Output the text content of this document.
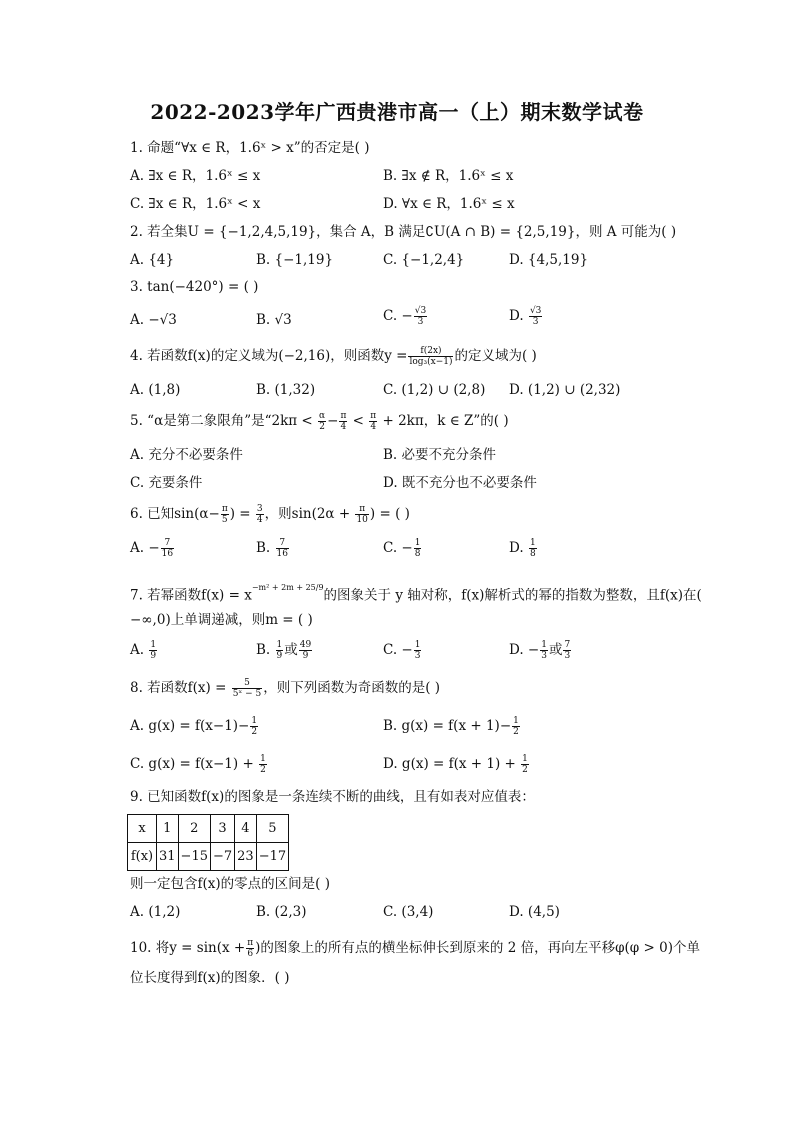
2022-2023学年广西贵港市高一（上）期末数学试卷
1. 命题“∀x ∈ R，1.6ˣ > x”的否定是( )
A. ∃x ∈ R，1.6ˣ ≤ x	B. ∃x ∉ R，1.6ˣ ≤ x
C. ∃x ∈ R，1.6ˣ < x	D. ∀x ∈ R，1.6ˣ ≤ x
2. 若全集U = {−1,2,4,5,19}，集合 A，B 满足∁U(A ∩ B) = {2,5,19}，则 A 可能为( )
A. {4}	B. {−1,19}	C. {−1,2,4}	D. {4,5,19}
3. tan(−420°) = ( )
A. −√3	B. √3	C. − $\frac{√3}{3}$	D. $\frac{√3}{3}$
4. 若函数f(x)的定义域为(−2,16)，则函数$y = \frac{f(2x)}{\text{log₃(x−1)}}$ 的定义域为( )
A. (1,8)	B. (1,32)	C. (1,2) ∪ (2,8) D. (1,2) ∪ (2,32)
5. “α是第二象限角”是“$2k\pi < \frac{\alpha}{2} - \frac{\pi}{4} < \frac{\pi}{4} + 2k\pi$，k ∈ Z”的( )
A. 充分不必要条件	B. 必要不充分条件
C. 充要条件	D. 既不充分也不必要条件
6. 已知$\sin(\alpha- \frac{\pi}{5}$ ) = $\frac{3}{4}$ ，则$\sin(2\alpha + \frac{\pi}{10}$ ) = ( )
A. − $\frac{7}{16}$	B. $\frac{7}{16}$	C. − $\frac{1}{8}$	D. $\frac{1}{8}$
7. 若幂函数$f(x) = x^{-m^2 + 2m + 25/9}$的图象关于 y 轴对称，f(x)解析式的幂的指数为整数，且f(x)在(
−∞,0)上单调递减，则m = ( )
A. $\frac{1}{9}$	B. $\frac{1}{9}$ 或 $\frac{49}{9}$	C. − $\frac{1}{3}$	D. − $\frac{1}{3}$ 或 $\frac{7}{3}$
8. 若函数$f(x) = \frac{5}{\text{5ˣ − 5}}$ ，则下列函数为奇函数的是( )
A. $g(x) = f(x-1)- \frac{1}{2}$	B. $g(x) = f(x + 1)- \frac{1}{2}$
C. $g(x) = f(x-1) + \frac{1}{2}$	D. $g(x) = f(x + 1) + \frac{1}{2}$
9. 已知函数f(x)的图象是一条连续不断的曲线，且有如表对应值表：
x	1	2	3	4	5
f(x)	31	−15	−7	23	−17
则一定包含f(x)的零点的区间是( )
A. (1,2)	B. (2,3)	C. (3,4)	D. (4,5)
10. 将$y = \sin(x + \frac{\pi}{6}$ )的图象上的所有点的横坐标伸长到原来的 2 倍，再向左平移φ(φ > 0)个单
位长度得到f(x)的图象．( )
